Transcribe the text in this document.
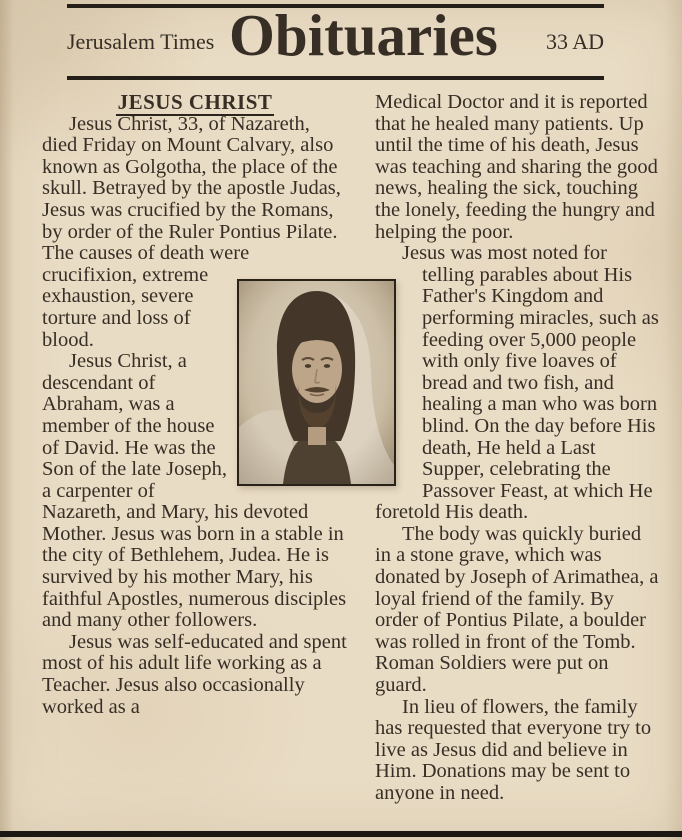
Jerusalem Times Obituaries 33 AD

JESUS CHRIST

Jesus Christ, 33, of Nazareth, died Friday on Mount Calvary, also known as Golgotha, the place of the skull. Betrayed by the apostle Judas, Jesus was crucified by the Romans, by order of the Ruler Pontius Pilate. The causes of death were crucifixion, extreme exhaustion, severe torture and loss of blood.

Jesus Christ, a descendant of Abraham, was a member of the house of David. He was the Son of the late Joseph, a carpenter of Nazareth, and Mary, his devoted Mother. Jesus was born in a stable in the city of Bethlehem, Judea. He is survived by his mother Mary, his faithful Apostles, numerous disciples and many other followers.

Jesus was self-educated and spent most of his adult life working as a Teacher. Jesus also occasionally worked as a

Medical Doctor and it is reported that he healed many patients. Up until the time of his death, Jesus was teaching and sharing the good news, healing the sick, touching the lonely, feeding the hungry and helping the poor.

Jesus was most noted for telling parables about His Father's Kingdom and performing miracles, such as feeding over 5,000 people with only five loaves of bread and two fish, and healing a man who was born blind. On the day before His death, He held a Last Supper, celebrating the Passover Feast, at which He foretold His death.

The body was quickly buried in a stone grave, which was donated by Joseph of Arimathea, a loyal friend of the family. By order of Pontius Pilate, a boulder was rolled in front of the Tomb. Roman Soldiers were put on guard.

In lieu of flowers, the family has requested that everyone try to live as Jesus did and believe in Him. Donations may be sent to anyone in need.
